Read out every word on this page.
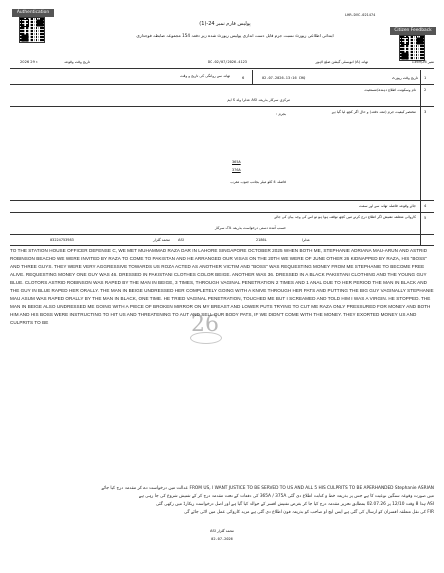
Authentication
Citizen Feedback
LHR-DVC-021474
پولیس فارم نمبر 24-(1)
ابتدائی اطلاعی رپورٹ نسبت جرم قابل دست اندازی پولیس رپورٹ شدہ زیر دفعہ 154 مجموعہ ضابطہ فوجداری
2026 ء 29	تاریخ وقت وقوعہ	DC-02/07/2026-4123	تھانہ (A) انویسٹی گیشن ضلع لاہور	نمبر 1369/26
6
تھانہ سے روانگی کی تاریخ و وقت	02-07-2026-13:16 CHQ	1
تاریخ وقت رپورٹ
2
نام وسکونت اطلاع دہندہ/مستغیث
مرکزی سرکار بذریعہ ASI عدلرا ولد S ایم
3
مختصر کیفیت جرم (معہ دفعہ) و حال اگر کچھ لیا گیا ہے
بجرم :
365A
376A
فاصلہ 4 کلو میٹر بجانب جنوب مغرب
4
جائے وقوعہ فاصلہ تھانہ سے اور سمت
5
کاروائی متعلقہ تفتیش اگر اطلاع درج کرنے میں کچھ توقف ہوا ہو تو اس کی وجہ بیان کی جائے
حسب آمدہ دستی درخواست بذریعہ ڈاک سرکار
03224753983	محمد گلزار ASI	2186L	عدلرا
26
TO THE STATION HOUSE OFFICER DEFENSE C, WE MET MUHAMMAD RAZA DAR IN LAHORE SINGAPORE OCTOBER 2025 WHEN BOTH ME, STEPHANIE ADRIANA MAU-ARUN AND ASTRID ROBINSON BEACHD WE WERE INVITED BY RAZA TO COME TO PAKISTAN AND HE ARRANGED OUR VISAS ON THE 20TH WE WERE OF JUNE OTHER 26 KIDNAPPED BY RAZA, HIS "BOSS" AND THREE GUYS. THEY WERE VERY AGGRESSIVE TOWARDS US ROZA ACTED AS ANOTHER VICTIM AND "BOSS" WAS REQUESTING MONEY FROM ME STEPHANIE TO BECOME FREE ALIVE. REQUESTING MONEY ONE GUY WAS 46. DRESSED IN PAKISTANI CLOTHES COLOR BEIGE. ANOTHER WAS 36. DRESSED IN A BLACK PAKISTANI CLOTHING AND THE YOUNG GUY BLUE. CLOTORS ASTRID ROBINSON WAS RAPED BY THE MAN IN BEIGE, 3 TIMES, THROUGH VAGINAL PENETRATION 2 TIMES AND 1 ANAL DUE TO HER PERIOD THE MAN IN BLACK AND THE GUY IN BLUE RAPED HER ORALLY. THE MAN IN BEIGE UNDRESSED HER COMPLETELY GOING WITH A KNIVE THROUGH HER PATS AND PUTTING THE BIG GUY VAGINALLY STEPHANIE MAU ASUM WAS RAPED ORALLY BY THE MAN IN BLACK, ONE TIME. HE TRIED VAGINAL PENETRATION, TOUCHED ME BUT I SCREAMED AND TOLD HIM I WAS A VIRGIN. HE STOPPED. THE MAN IN BEIGE ALSO UNDRESSED ME GOING WITH A PIECE OF BROKEN MIRROR ON MY BREAST AND LOWER PUTS TRYING TO CUT ME RAZA ONLY PRESSURED FOR MONEY AND BOTH HIM AND HIS BOSS WERE INSTRUCTING TO HIT US AND THREATENING TO AUT AND SELL OUR BODY PATS, IF WE DIDN'T COME WITH THE MONEY. THEY EXORTED MONEY US AND CULPRITS TO BE
FROM US, I WANT JUSTICE TO BE SERVED TO US AND ALL 5 HIS CULPRITS TO BE APERHANDED Stephanie ASRIAN عدالت میں درخواست دے کر مقدمہ درج کیا جائے
میں صورت وقوعہ سنگین نوعیت کا ہے جس پر بذریعہ خط و کتابت اطلاع دی گئی 365A / 375A کی دفعات کے تحت مقدمہ درج کر کے تفتیش شروع کی جا رہی ہے
ASI ہذا 8 وقت 12/10 پر 02.07.26 بمطابق تحریر مقدمہ درج کیا جا کر بغرض تفتیش افسر کے حوالہ کیا گیا ہے اور اصل درخواست ریکارڈ میں رکھی گئی
FIR کی نقل متعلقہ افسران کو ارسال کی گئی ہے ایس ایچ او صاحب کو بذریعہ فون اطلاع دی گئی ہے مزید کاروائی عمل میں لائی جائے گی
ASI محمد گلزار
02-07-2026
